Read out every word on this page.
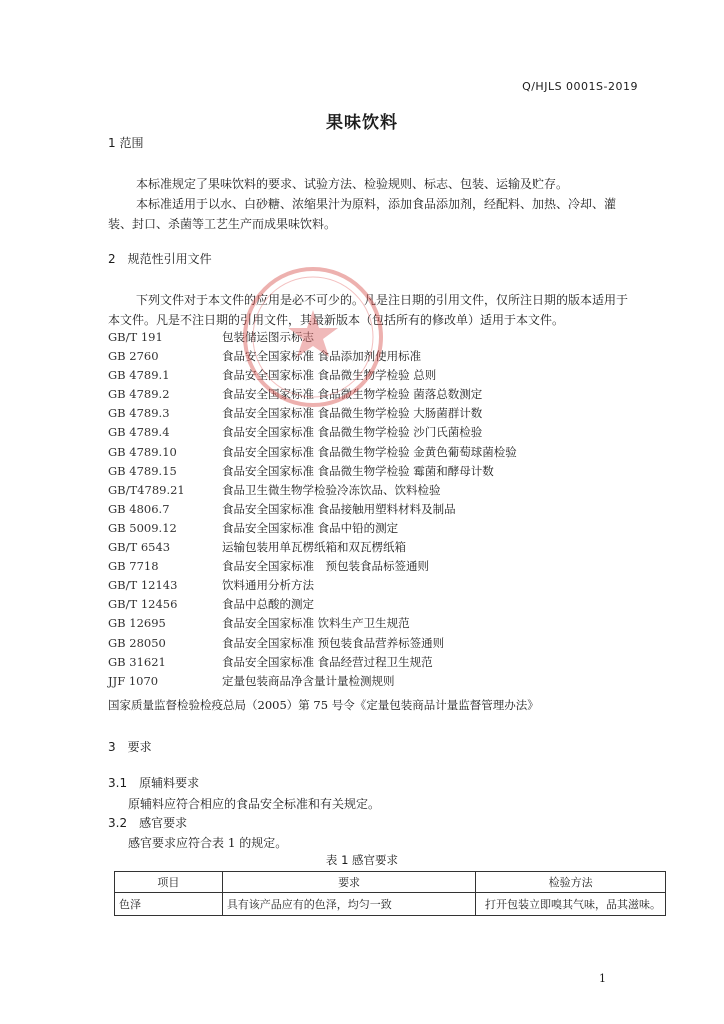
Q/HJLS 0001S-2019
果味饮料
1 范围
本标准规定了果味饮料的要求、试验方法、检验规则、标志、包装、运输及贮存。
本标准适用于以水、白砂糖、浓缩果汁为原料，添加食品添加剂，经配料、加热、冷却、灌装、封口、杀菌等工艺生产而成果味饮料。
2　规范性引用文件
下列文件对于本文件的应用是必不可少的。凡是注日期的引用文件，仅所注日期的版本适用于本文件。凡是不注日期的引用文件，其最新版本（包括所有的修改单）适用于本文件。
GB/T 191	包装储运图示标志
GB 2760	食品安全国家标准 食品添加剂使用标准
GB 4789.1	食品安全国家标准 食品微生物学检验 总则
GB 4789.2	食品安全国家标准 食品微生物学检验 菌落总数测定
GB 4789.3	食品安全国家标准 食品微生物学检验 大肠菌群计数
GB 4789.4	食品安全国家标准 食品微生物学检验 沙门氏菌检验
GB 4789.10	食品安全国家标准 食品微生物学检验 金黄色葡萄球菌检验
GB 4789.15	食品安全国家标准 食品微生物学检验 霉菌和酵母计数
GB/T4789.21	食品卫生微生物学检验冷冻饮品、饮料检验
GB 4806.7	食品安全国家标准 食品接触用塑料材料及制品
GB 5009.12	食品安全国家标准 食品中铅的测定
GB/T 6543	运输包装用单瓦楞纸箱和双瓦楞纸箱
GB 7718	食品安全国家标准　预包装食品标签通则
GB/T 12143	饮料通用分析方法
GB/T 12456	食品中总酸的测定
GB 12695	食品安全国家标准 饮料生产卫生规范
GB 28050	食品安全国家标准 预包装食品营养标签通则
GB 31621	食品安全国家标准 食品经营过程卫生规范
JJF 1070	定量包装商品净含量计量检测规则
国家质量监督检验检疫总局（2005）第 75 号令《定量包装商品计量监督管理办法》
3　要求
3.1　原辅料要求
原辅料应符合相应的食品安全标准和有关规定。
3.2　感官要求
感官要求应符合表 1 的规定。
表 1 感官要求
项目	要求	检验方法
色泽	具有该产品应有的色泽，均匀一致	打开包装立即嗅其气味，品其滋味。
1
